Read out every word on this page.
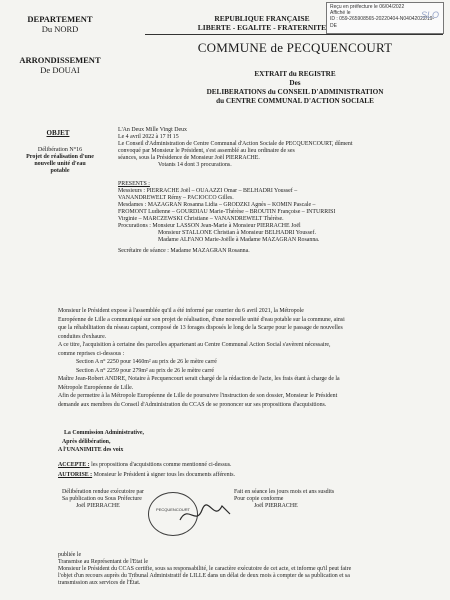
Reçu en préfecture le 06/04/2022
Affiché le
ID : 059-265908565-20220404-N04042022/19-DE
SLO
DEPARTEMENT
Du NORD
ARRONDISSEMENT
De DOUAI
REPUBLIQUE FRANÇAISE
LIBERTE - EGALITE - FRATERNITE
COMMUNE de PECQUENCOURT
EXTRAIT du REGISTRE
Des
DELIBERATIONS du CONSEIL D'ADMINISTRATION
du CENTRE COMMUNAL D'ACTION SOCIALE
OBJET
Délibération N°16
Projet de réalisation d'une
nouvelle unité d'eau
potable
L'An Deux Mille Vingt Deux
Le 4 avril 2022 à 17 H 15
Le Conseil d'Administration de Centre Communal d'Action Sociale de PECQUENCOURT, dûment
convoqué par Monsieur le Président, s'est assemblé au lieu ordinaire de ses
séances, sous la Présidence de Monsieur Joël PIERRACHE.
Votants 14 dont 3 procurations.
PRESENTS :
Messieurs : PIERRACHE Joël – OUAAZZI Omar – BELHADRI Youssef –
VANANDREWELT Rémy – PACIOCCO Gilles.
Mesdames : MAZAGRAN Rosanna Lidia – GRODZKI Agnès – KOMIN Pascale –
FROMONT Ludienne – GOURDIAU Marie-Thérèse – BROUTIN Françoise – INTURRISI
Virginie – MARCZEWSKI Christiane – VANANDREWELT Thérèse.
Procurations : Monsieur LASSON Jean-Marie à Monsieur PIERRACHE Joël
Monsieur STALLONE Christian à Monsieur BELHADRI Youssef.
Madame ALFANO Marie-Joëlle à Madame MAZAGRAN Rosanna.
Secrétaire de séance : Madame MAZAGRAN Rosanna.

Monsieur le Président expose à l'assemblée qu'il a été informé par courrier du 6 avril 2021, la Métropole

Européenne de Lille a communiqué sur son projet de réalisation, d'une nouvelle unité d'eau potable sur la commune, ainsi

que la réhabilitation du réseau captant, composé de 13 forages disposés le long de la Scarpe pour le passage de nouvelles

conduites d'exhaure.

A ce titre, l'acquisition à certaine des parcelles appartenant au Centre Communal Action Social s'avèrent nécessaire,

comme reprises ci-dessous :

Section A n° 2250 pour 1460m² au prix de 26 le mètre carré

Section A n° 2259 pour 279m² au prix de 26 le mètre carré

Maître Jean-Robert ANDRE, Notaire à Pecquencourt serait chargé de la rédaction de l'acte, les frais étant à charge de la

Métropole Européenne de Lille.

Afin de permettre à la Métropole Européenne de Lille de poursuivre l'instruction de son dossier, Monsieur le Président

demande aux membres du Conseil d'Administration du CCAS de se prononcer sur ses propositions d'acquisitions.

La Commission Administrative,

Après délibération,

A l'UNANIMITE des voix

ACCEPTE : les propositions d'acquisitions comme mentionné ci-dessus.

AUTORISE : Monsieur le Président à signer tous les documents afférents.

Délibération rendue exécutoire par
Sa publication ou Sous Préfecture
Joël PIERRACHE
PECQUENCOURT
Fait en séance les jours mois et ans susdits
Pour copie conforme
Joël PIERRACHE

publiée le

Transmise au Représentant de l'Etat le

Monsieur le Président du CCAS certifie, sous sa responsabilité, le caractère exécutoire de cet acte, et informe qu'il peut faire

l'objet d'un recours auprès du Tribunal Administratif de LILLE dans un délai de deux mois à compter de sa publication et sa

transmission aux services de l'État.
